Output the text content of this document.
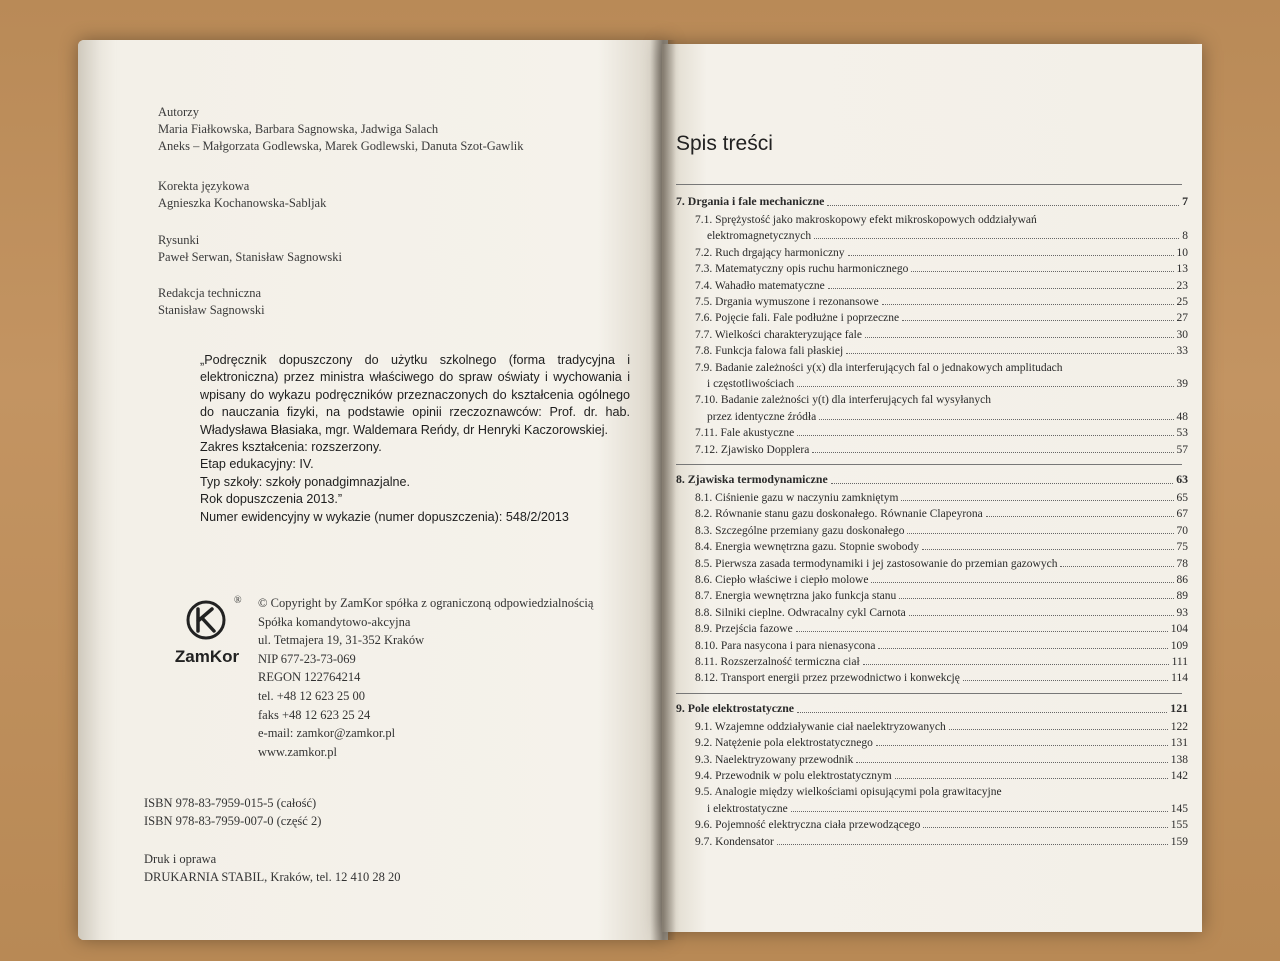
Autorzy
Maria Fiałkowska, Barbara Sagnowska, Jadwiga Salach
Aneks – Małgorzata Godlewska, Marek Godlewski, Danuta Szot-Gawlik
Korekta językowa
Agnieszka Kochanowska-Sabljak
Rysunki
Paweł Serwan, Stanisław Sagnowski
Redakcja techniczna
Stanisław Sagnowski
„Podręcznik dopuszczony do użytku szkolnego (forma tradycyjna i elektroniczna) przez ministra właściwego do spraw oświaty i wychowania i wpisany do wykazu podręczników przeznaczonych do kształcenia ogólnego do nauczania fizyki, na podstawie opinii rzeczoznawców: Prof. dr. hab. Władysława Błasiaka, mgr. Waldemara Reńdy, dr Henryki Kaczorowskiej.
Zakres kształcenia: rozszerzony.
Etap edukacyjny: IV.
Typ szkoły: szkoły ponadgimnazjalne.
Rok dopuszczenia 2013.”
Numer ewidencyjny w wykazie (numer dopuszczenia): 548/2/2013
®
ZamKor
© Copyright by ZamKor spółka z ograniczoną odpowiedzialnością
Spółka komandytowo-akcyjna
ul. Tetmajera 19, 31-352 Kraków
NIP 677-23-73-069
REGON 122764214
tel. +48 12 623 25 00
faks +48 12 623 25 24
e-mail: zamkor@zamkor.pl
www.zamkor.pl
ISBN 978-83-7959-015-5 (całość)
ISBN 978-83-7959-007-0 (część 2)
Druk i oprawa
DRUKARNIA STABIL, Kraków, tel. 12 410 28 20
Spis treści
7. Drgania i fale mechaniczne	7
7.1. Sprężystość jako makroskopowy efekt mikroskopowych oddziaływań
elektromagnetycznych	8
7.2. Ruch drgający harmoniczny	10
7.3. Matematyczny opis ruchu harmonicznego	13
7.4. Wahadło matematyczne	23
7.5. Drgania wymuszone i rezonansowe	25
7.6. Pojęcie fali. Fale podłużne i poprzeczne	27
7.7. Wielkości charakteryzujące fale	30
7.8. Funkcja falowa fali płaskiej	33
7.9. Badanie zależności y(x) dla interferujących fal o jednakowych amplitudach
i częstotliwościach	39
7.10. Badanie zależności y(t) dla interferujących fal wysyłanych
przez identyczne źródła	48
7.11. Fale akustyczne	53
7.12. Zjawisko Dopplera	57
8. Zjawiska termodynamiczne	63
8.1. Ciśnienie gazu w naczyniu zamkniętym	65
8.2. Równanie stanu gazu doskonałego. Równanie Clapeyrona	67
8.3. Szczególne przemiany gazu doskonałego	70
8.4. Energia wewnętrzna gazu. Stopnie swobody	75
8.5. Pierwsza zasada termodynamiki i jej zastosowanie do przemian gazowych	78
8.6. Ciepło właściwe i ciepło molowe	86
8.7. Energia wewnętrzna jako funkcja stanu	89
8.8. Silniki cieplne. Odwracalny cykl Carnota	93
8.9. Przejścia fazowe	104
8.10. Para nasycona i para nienasycona	109
8.11. Rozszerzalność termiczna ciał	111
8.12. Transport energii przez przewodnictwo i konwekcję	114
9. Pole elektrostatyczne	121
9.1. Wzajemne oddziaływanie ciał naelektryzowanych	122
9.2. Natężenie pola elektrostatycznego	131
9.3. Naelektryzowany przewodnik	138
9.4. Przewodnik w polu elektrostatycznym	142
9.5. Analogie między wielkościami opisującymi pola grawitacyjne
i elektrostatyczne	145
9.6. Pojemność elektryczna ciała przewodzącego	155
9.7. Kondensator	159
